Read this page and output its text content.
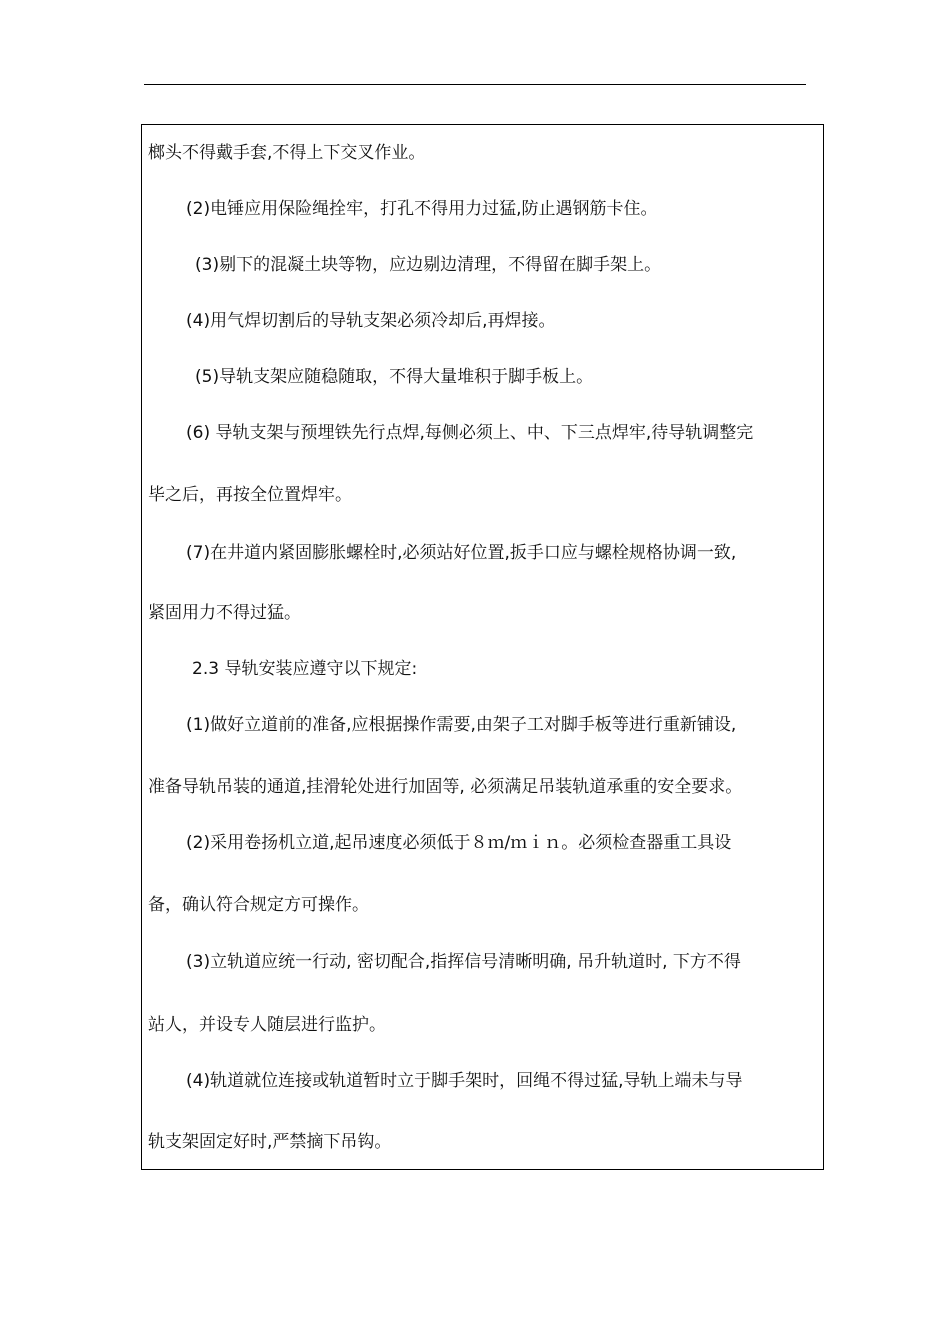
榔头不得戴手套,不得上下交叉作业。
(2)电锤应用保险绳拴牢，打孔不得用力过猛,防止遇钢筋卡住。
(3)剔下的混凝土块等物，应边剔边清理，不得留在脚手架上。
(4)用气焊切割后的导轨支架必须冷却后,再焊接。
(5)导轨支架应随稳随取，不得大量堆积于脚手板上。
(6) 导轨支架与预埋铁先行点焊,每侧必须上、中、下三点焊牢,待导轨调整完
毕之后，再按全位置焊牢。
(7)在井道内紧固膨胀螺栓时,必须站好位置,扳手口应与螺栓规格协调一致,
紧固用力不得过猛。
2.3 导轨安装应遵守以下规定:
(1)做好立道前的准备,应根据操作需要,由架子工对脚手板等进行重新铺设,
准备导轨吊装的通道,挂滑轮处进行加固等, 必须满足吊装轨道承重的安全要求。
(2)采用卷扬机立道,起吊速度必须低于８ｍ/ｍｉｎ。必须检查器重工具设
备，确认符合规定方可操作。
(3)立轨道应统一行动, 密切配合,指挥信号清晰明确, 吊升轨道时, 下方不得
站人，并设专人随层进行监护。
(4)轨道就位连接或轨道暂时立于脚手架时，回绳不得过猛,导轨上端未与导
轨支架固定好时,严禁摘下吊钩。
